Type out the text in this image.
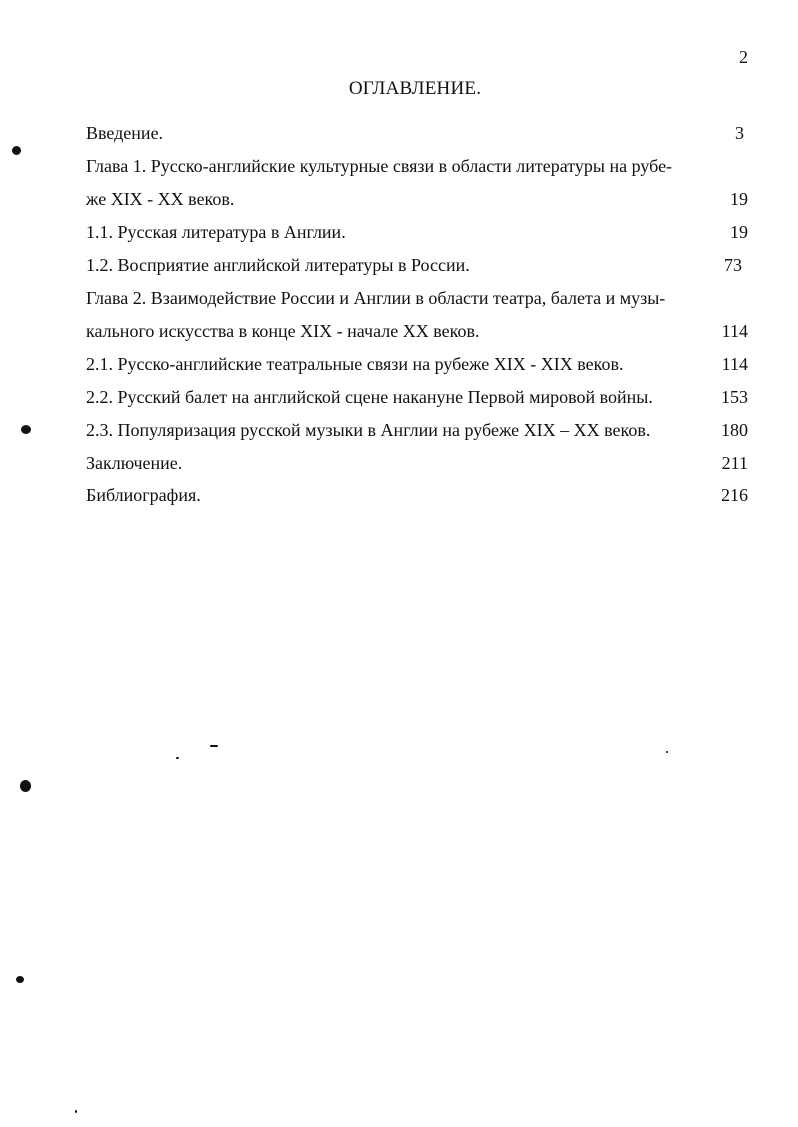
2
ОГЛАВЛЕНИЕ.
Введение.	3
Глава 1. Русско-английские культурные связи в области литературы на рубе-
же XIX - XX веков.	19
1.1. Русская литература в Англии.	19
1.2. Восприятие английской литературы в России.	73
Глава 2. Взаимодействие России и Англии в области театра, балета и музы-
кального искусства в конце XIX - начале XX веков.	114
2.1. Русско-английские театральные связи на рубеже XIX - XIX веков.	114
2.2. Русский балет на английской сцене накануне Первой мировой войны.	153
2.3. Популяризация русской музыки в Англии на рубеже XIX – XX веков.	180
Заключение.	211
Библиография.	216
